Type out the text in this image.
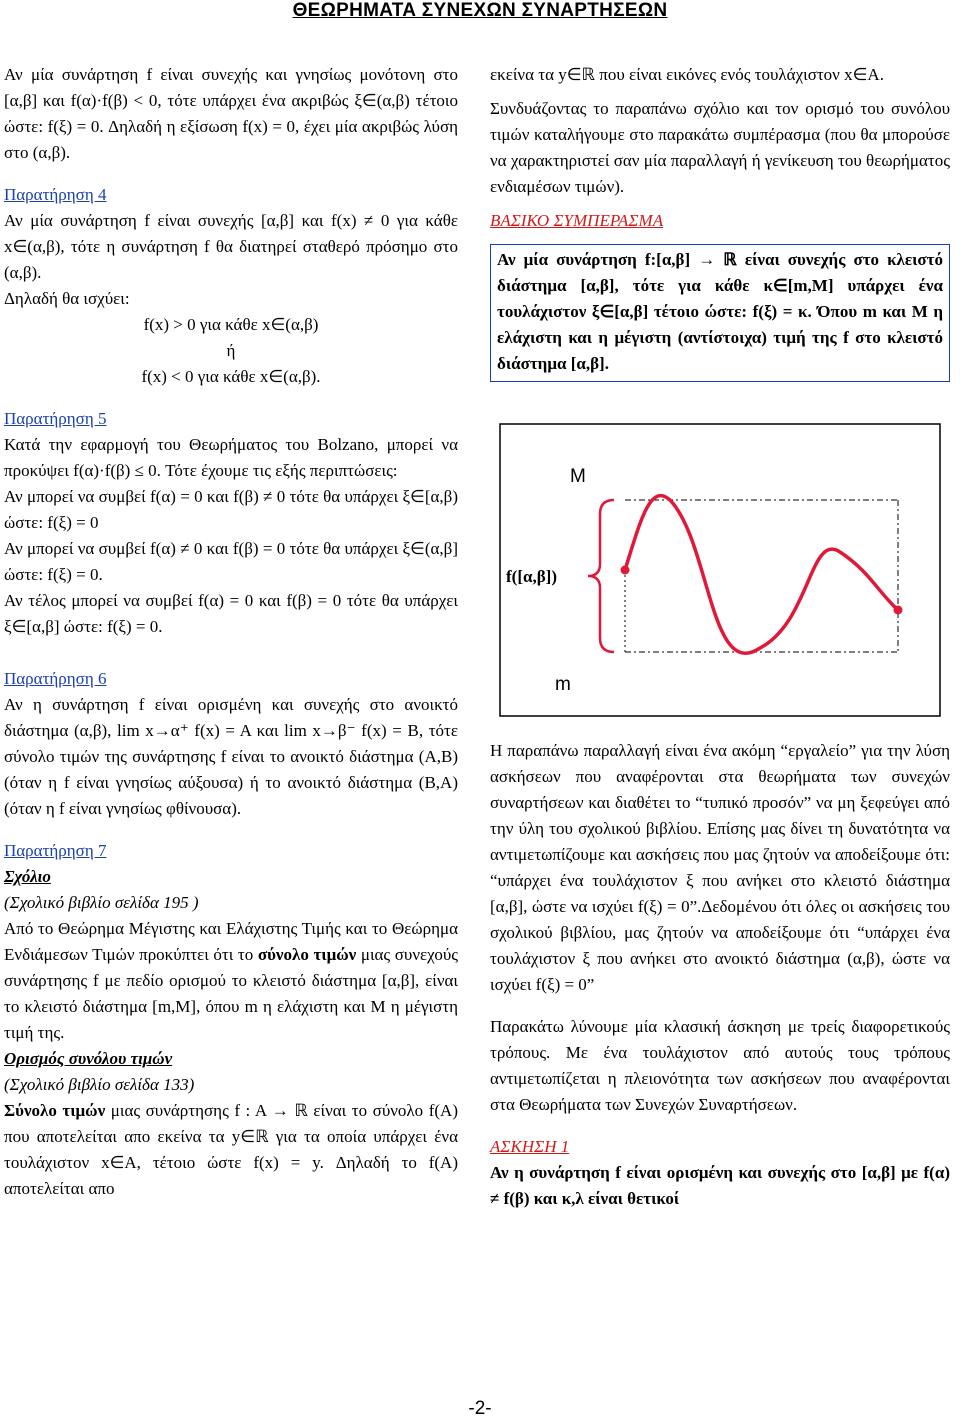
ΘΕΩΡΗΜΑΤΑ ΣΥΝΕΧΩΝ ΣΥΝΑΡΤΗΣΕΩΝ

Αν μία συνάρτηση f είναι συνεχής και γνησίως μονότονη στο [α,β] και f(α)·f(β) < 0, τότε υπάρχει ένα ακριβώς ξ∈(α,β) τέτοιο ώστε: f(ξ) = 0. Δηλαδή η εξίσωση f(x) = 0, έχει μία ακριβώς λύση στο (α,β).

Παρατήρηση 4

Αν μία συνάρτηση f είναι συνεχής [α,β] και f(x) ≠ 0 για κάθε x∈(α,β), τότε η συνάρτηση f θα διατηρεί σταθερό πρόσημο στο (α,β).

Δηλαδή θα ισχύει:

f(x) > 0 για κάθε x∈(α,β)

ή

f(x) < 0 για κάθε x∈(α,β).

Παρατήρηση 5

Κατά την εφαρμογή του Θεωρήματος του Bolzano, μπορεί να προκύψει f(α)·f(β) ≤ 0. Τότε έχουμε τις εξής περιπτώσεις:

Αν μπορεί να συμβεί f(α) = 0 και f(β) ≠ 0 τότε θα υπάρχει ξ∈[α,β) ώστε: f(ξ) = 0

Αν μπορεί να συμβεί f(α) ≠ 0 και f(β) = 0 τότε θα υπάρχει ξ∈(α,β] ώστε: f(ξ) = 0.

Αν τέλος μπορεί να συμβεί f(α) = 0 και f(β) = 0 τότε θα υπάρχει ξ∈[α,β] ώστε: f(ξ) = 0.

Παρατήρηση 6

Αν η συνάρτηση f είναι ορισμένη και συνεχής στο ανοικτό διάστημα (α,β), lim x→α⁺ f(x) = A και lim x→β⁻ f(x) = B, τότε σύνολο τιμών της συνάρτησης f είναι το ανοικτό διάστημα (A,B) (όταν η f είναι γνησίως αύξουσα) ή το ανοικτό διάστημα (B,A) (όταν η f είναι γνησίως φθίνουσα).

Παρατήρηση 7
Σχόλιο
(Σχολικό βιβλίο σελίδα 195 )

Από το Θεώρημα Μέγιστης και Ελάχιστης Τιμής και το Θεώρημα Ενδιάμεσων Τιμών προκύπτει ότι το σύνολο τιμών μιας συνεχούς συνάρτησης f με πεδίο ορισμού το κλειστό διάστημα [α,β], είναι το κλειστό διάστημα [m,M], όπου m η ελάχιστη και M η μέγιστη τιμή της.

Ορισμός συνόλου τιμών
(Σχολικό βιβλίο σελίδα 133)

Σύνολο τιμών μιας συνάρτησης f : A → ℝ είναι το σύνολο f(A) που αποτελείται απο εκείνα τα y∈ℝ για τα οποία υπάρχει ένα τουλάχιστον x∈A, τέτοιο ώστε f(x) = y. Δηλαδή το f(A) αποτελείται απο

εκείνα τα y∈ℝ που είναι εικόνες ενός τουλάχιστον x∈A.

Συνδυάζοντας το παραπάνω σχόλιο και τον ορισμό του συνόλου τιμών καταλήγουμε στο παρακάτω συμπέρασμα (που θα μπορούσε να χαρακτηριστεί σαν μία παραλλαγή ή γενίκευση του θεωρήματος ενδιαμέσων τιμών).

ΒΑΣΙΚΟ ΣΥΜΠΕΡΑΣΜΑ

Αν μία συνάρτηση f:[α,β] → ℝ είναι συνεχής στο κλειστό διάστημα [α,β], τότε για κάθε κ∈[m,M] υπάρχει ένα τουλάχιστον ξ∈[α,β] τέτοιο ώστε: f(ξ) = κ. Όπου m και M η ελάχιστη και η μέγιστη (αντίστοιχα) τιμή της f στο κλειστό διάστημα [α,β].

M
f([α,β])
m

Η παραπάνω παραλλαγή είναι ένα ακόμη “εργαλείο” για την λύση ασκήσεων που αναφέρονται στα θεωρήματα των συνεχών συναρτήσεων και διαθέτει το “τυπικό προσόν” να μη ξεφεύγει από την ύλη του σχολικού βιβλίου. Επίσης μας δίνει τη δυνατότητα να αντιμετωπίζουμε και ασκήσεις που μας ζητούν να αποδείξουμε ότι: “υπάρχει ένα τουλάχιστον ξ που ανήκει στο κλειστό διάστημα [α,β], ώστε να ισχύει f(ξ) = 0”.Δεδομένου ότι όλες οι ασκήσεις του σχολικού βιβλίου, μας ζητούν να αποδείξουμε ότι “υπάρχει ένα τουλάχιστον ξ που ανήκει στο ανοικτό διάστημα (α,β), ώστε να ισχύει f(ξ) = 0”

Παρακάτω λύνουμε μία κλασική άσκηση με τρείς διαφορετικούς τρόπους. Με ένα τουλάχιστον από αυτούς τους τρόπους αντιμετωπίζεται η πλειονότητα των ασκήσεων που αναφέρονται στα Θεωρήματα των Συνεχών Συναρτήσεων.

ΑΣΚΗΣΗ 1

Αν η συνάρτηση f είναι ορισμένη και συνεχής στο [α,β] με f(α) ≠ f(β) και κ,λ είναι θετικοί

-2-
